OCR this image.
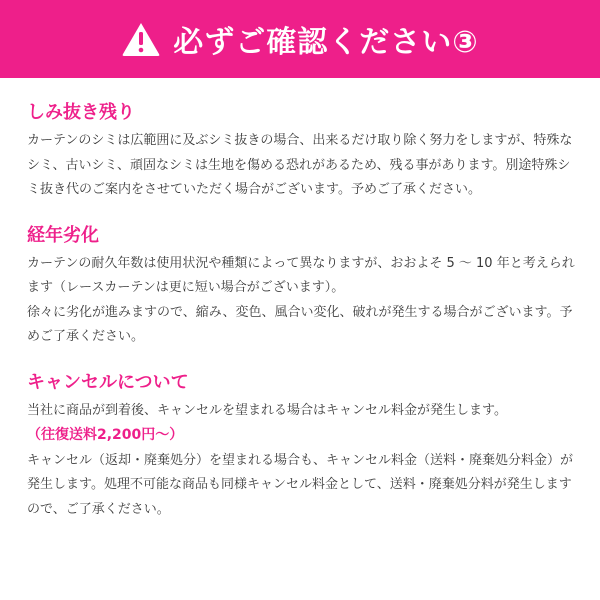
必ずご確認ください③
しみ抜き残り

カーテンのシミは広範囲に及ぶシミ抜きの場合、出来るだけ取り除く努力をしますが、特殊なシミ、古いシミ、頑固なシミは生地を傷める恐れがあるため、残る事があります。別途特殊シミ抜き代のご案内をさせていただく場合がございます。予めご了承ください。

経年劣化

カーテンの耐久年数は使用状況や種類によって異なりますが、おおよそ 5 〜 10 年と考えられます（レースカーテンは更に短い場合がございます）。

徐々に劣化が進みますので、縮み、変色、風合い変化、破れが発生する場合がございます。予めご了承ください。

キャンセルについて

当社に商品が到着後、キャンセルを望まれる場合はキャンセル料金が発生します。

（往復送料2,200円〜）

キャンセル（返却・廃棄処分）を望まれる場合も、キャンセル料金（送料・廃棄処分料金）が発生します。処理不可能な商品も同様キャンセル料金として、送料・廃棄処分料が発生しますので、ご了承ください。
